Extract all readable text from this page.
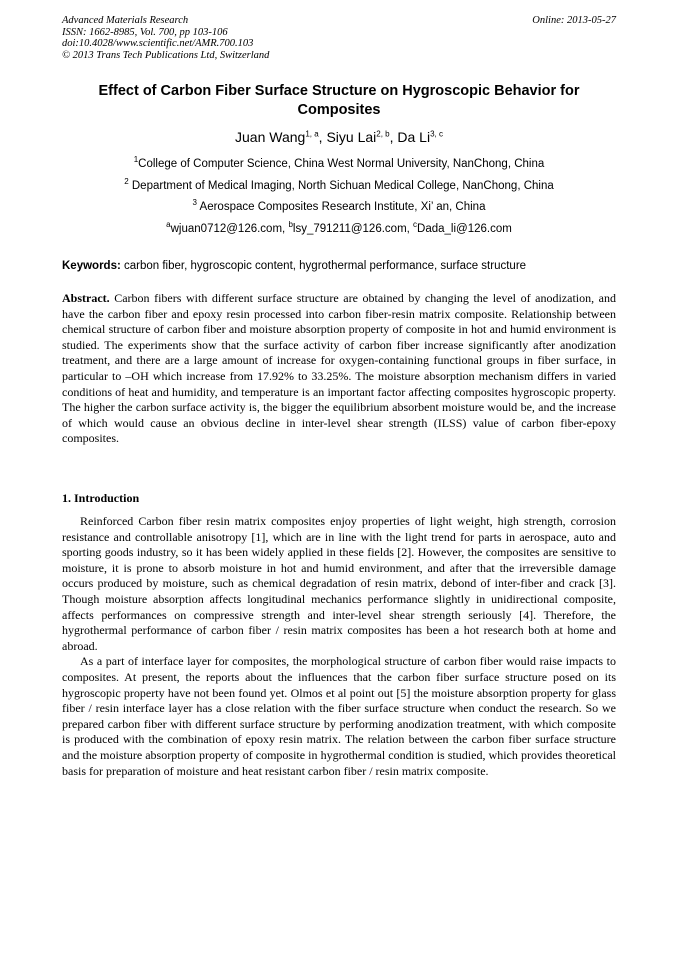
Advanced Materials Research
ISSN: 1662-8985, Vol. 700, pp 103-106
doi:10.4028/www.scientific.net/AMR.700.103
© 2013 Trans Tech Publications Ltd, Switzerland
Online: 2013-05-27
Effect of Carbon Fiber Surface Structure on Hygroscopic Behavior for Composites
Juan Wang$^{1, a}$, Siyu Lai$^{2, b}$, Da Li$^{3, c}$
$^1$College of Computer Science, China West Normal University, NanChong, China
$^2$ Department of Medical Imaging, North Sichuan Medical College, NanChong, China
$^3$ Aerospace Composites Research Institute, Xi’ an, China
$^a$wjuan0712@126.com, $^b$lsy_791211@126.com, $^c$Dada_li@126.com
Keywords: carbon fiber, hygroscopic content, hygrothermal performance, surface structure
Abstract. Carbon fibers with different surface structure are obtained by changing the level of anodization, and have the carbon fiber and epoxy resin processed into carbon fiber-resin matrix composite. Relationship between chemical structure of carbon fiber and moisture absorption property of composite in hot and humid environment is studied. The experiments show that the surface activity of carbon fiber increase significantly after anodization treatment, and there are a large amount of increase for oxygen-containing functional groups in fiber surface, in particular to –OH which increase from 17.92% to 33.25%. The moisture absorption mechanism differs in varied conditions of heat and humidity, and temperature is an important factor affecting composites hygroscopic property. The higher the carbon surface activity is, the bigger the equilibrium absorbent moisture would be, and the increase of which would cause an obvious decline in inter-level shear strength (ILSS) value of carbon fiber-epoxy composites.
1. Introduction

Reinforced Carbon fiber resin matrix composites enjoy properties of light weight, high strength, corrosion resistance and controllable anisotropy [1], which are in line with the light trend for parts in aerospace, auto and sporting goods industry, so it has been widely applied in these fields [2]. However, the composites are sensitive to moisture, it is prone to absorb moisture in hot and humid environment, and after that the irreversible damage occurs produced by moisture, such as chemical degradation of resin matrix, debond of inter-fiber and crack [3]. Though moisture absorption affects longitudinal mechanics performance slightly in unidirectional composite, affects performances on compressive strength and inter-level shear strength seriously [4]. Therefore, the hygrothermal performance of carbon fiber / resin matrix composites has been a hot research both at home and abroad.

As a part of interface layer for composites, the morphological structure of carbon fiber would raise impacts to composites. At present, the reports about the influences that the carbon fiber surface structure posed on its hygroscopic property have not been found yet. Olmos et al point out [5] the moisture absorption property for glass fiber / resin interface layer has a close relation with the fiber surface structure when conduct the research. So we prepared carbon fiber with different surface structure by performing anodization treatment, with which composite is produced with the combination of epoxy resin matrix. The relation between the carbon fiber surface structure and the moisture absorption property of composite in hygrothermal condition is studied, which provides theoretical basis for preparation of moisture and heat resistant carbon fiber / resin matrix composite.
